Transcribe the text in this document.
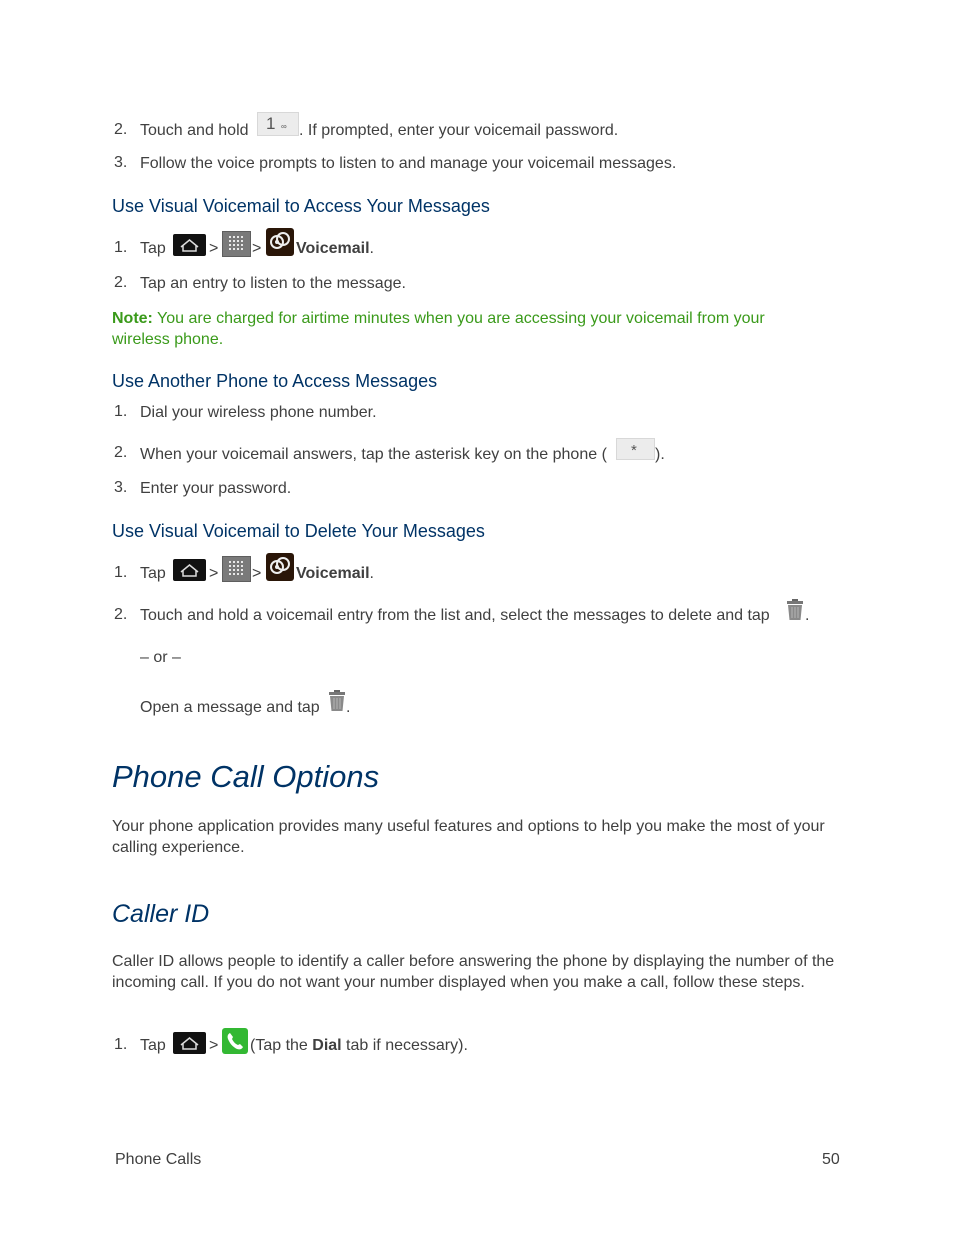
2. Touch and hold 1 ∞ . If prompted, enter your voicemail password.
3. Follow the voice prompts to listen to and manage your voicemail messages.
Use Visual Voicemail to Access Your Messages
1. Tap	> > Voicemail.
2. Tap an entry to listen to the message.
Note: You are charged for airtime minutes when you are accessing your voicemail from your wireless phone.
Use Another Phone to Access Messages
1. Dial your wireless phone number.
2. When your voicemail answers, tap the asterisk key on the phone ( * ).
3. Enter your password.
Use Visual Voicemail to Delete Your Messages
1. Tap	> > Voicemail.
2. Touch and hold a voicemail entry from the list and, select the messages to delete and tap .
– or –
Open a message and tap .
Phone Call Options
Your phone application provides many useful features and options to help you make the most of your calling experience.
Caller ID
Caller ID allows people to identify a caller before answering the phone by displaying the number of the incoming call. If you do not want your number displayed when you make a call, follow these steps.
1. Tap	> (Tap the Dial tab if necessary).
Phone Calls	50
